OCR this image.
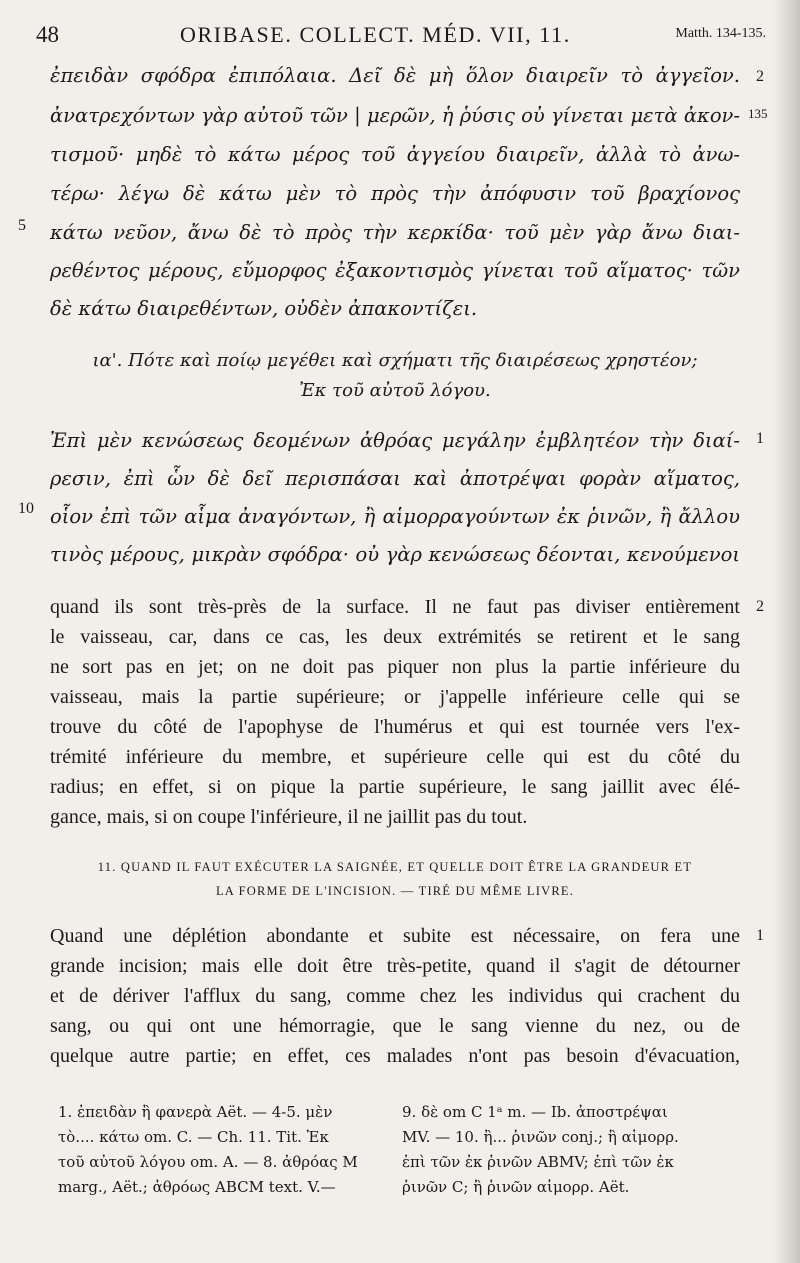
48	ORIBASE. COLLECT. MÉD. VII, 11.	Matth. 134-135.
ἐπειδὰν σφόδρα ἐπιπόλαια. Δεῖ δὲ μὴ ὅλον διαιρεῖν τὸ ἀγγεῖον.
ἀνατρεχόντων γὰρ αὐτοῦ τῶν | μερῶν, ἡ ῥύσις οὐ γίνεται μετὰ ἀκον-
τισμοῦ· μηδὲ τὸ κάτω μέρος τοῦ ἀγγείου διαιρεῖν, ἀλλὰ τὸ ἀνω-
τέρω· λέγω δὲ κάτω μὲν τὸ πρὸς τὴν ἀπόφυσιν τοῦ βραχίονος
κάτω νεῦον, ἄνω δὲ τὸ πρὸς τὴν κερκίδα· τοῦ μὲν γὰρ ἄνω διαι-
ρεθέντος μέρους, εὔμορφος ἐξακοντισμὸς γίνεται τοῦ αἵματος· τῶν
δὲ κάτω διαιρεθέντων, οὐδὲν ἀπακοντίζει.
ια'. Πότε καὶ ποίῳ μεγέθει καὶ σχήματι τῆς διαιρέσεως χρηστέον;
Ἐκ τοῦ αὐτοῦ λόγου.
Ἐπὶ μὲν κενώσεως δεομένων ἀθρόας μεγάλην ἐμβλητέον τὴν διαί-
ρεσιν, ἐπὶ ὧν δὲ δεῖ περισπάσαι καὶ ἀποτρέψαι φορὰν αἵματος,
οἷον ἐπὶ τῶν αἷμα ἀναγόντων, ἢ αἱμορραγούντων ἐκ ῥινῶν, ἢ ἄλλου
τινὸς μέρους, μικρὰν σφόδρα· οὐ γὰρ κενώσεως δέονται, κενούμενοι
quand ils sont très-près de la surface. Il ne faut pas diviser entièrement
le vaisseau, car, dans ce cas, les deux extrémités se retirent et le sang
ne sort pas en jet; on ne doit pas piquer non plus la partie inférieure du
vaisseau, mais la partie supérieure; or j'appelle inférieure celle qui se
trouve du côté de l'apophyse de l'humérus et qui est tournée vers l'ex-
trémité inférieure du membre, et supérieure celle qui est du côté du
radius; en effet, si on pique la partie supérieure, le sang jaillit avec élé-
gance, mais, si on coupe l'inférieure, il ne jaillit pas du tout.
11. QUAND IL FAUT EXÉCUTER LA SAIGNÉE, ET QUELLE DOIT ÊTRE LA GRANDEUR ET
LA FORME DE L'INCISION. — TIRÉ DU MÊME LIVRE.
Quand une déplétion abondante et subite est nécessaire, on fera une
grande incision; mais elle doit être très-petite, quand il s'agit de détourner
et de dériver l'afflux du sang, comme chez les individus qui crachent du
sang, ou qui ont une hémorragie, que le sang vienne du nez, ou de
quelque autre partie; en effet, ces malades n'ont pas besoin d'évacuation,
2
135
5
1
10
2
1
1. ἐπειδὰν ἢ φανερὰ Aët. — 4-5. μὲν
τὸ.... κάτω om. C. — Ch. 11. Tit. Ἐκ
τοῦ αὐτοῦ λόγου om. A. — 8. ἀθρόας M
marg., Aët.; ἀθρόως ABCM text. V.—
9. δὲ om C 1ᵃ m. — Ib. ἀποστρέψαι
MV. — 10. ἢ... ῥινῶν conj.; ἢ αἱμορρ.
ἐπὶ τῶν ἐκ ῥινῶν ABMV; ἐπὶ τῶν ἐκ
ῥινῶν C; ἢ ῥινῶν αἱμορρ. Aët.
